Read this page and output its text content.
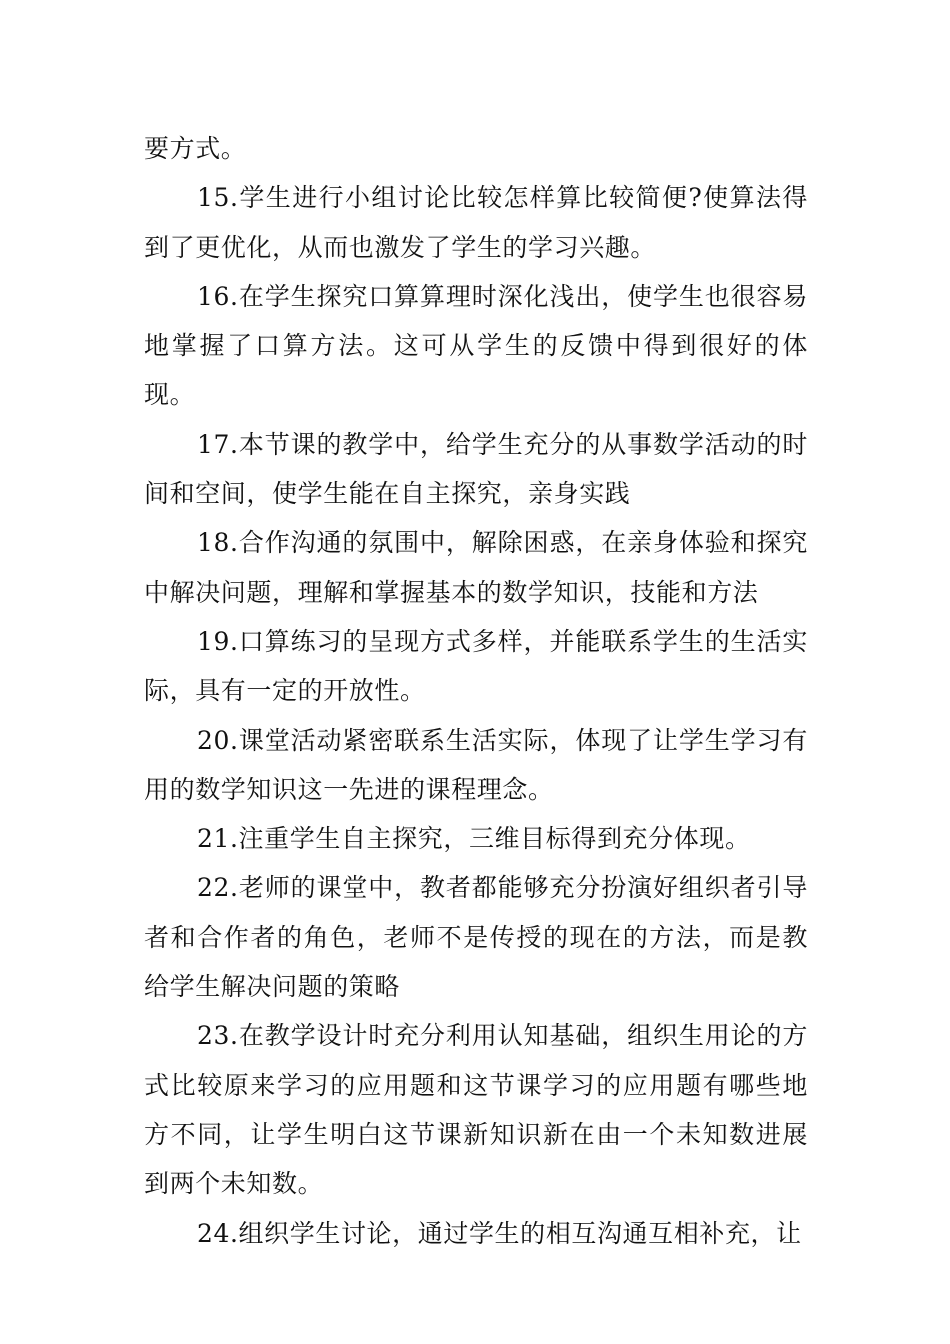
要方式。

15.学生进行小组讨论比较怎样算比较简便?使算法得到了更优化，从而也激发了学生的学习兴趣。

16.在学生探究口算算理时深化浅出，使学生也很容易地掌握了口算方法。这可从学生的反馈中得到很好的体现。

17.本节课的教学中，给学生充分的从事数学活动的时间和空间，使学生能在自主探究，亲身实践

18.合作沟通的氛围中，解除困惑，在亲身体验和探究中解决问题，理解和掌握基本的数学知识，技能和方法

19.口算练习的呈现方式多样，并能联系学生的生活实际，具有一定的开放性。

20.课堂活动紧密联系生活实际，体现了让学生学习有用的数学知识这一先进的课程理念。

21.注重学生自主探究，三维目标得到充分体现。

22.老师的课堂中，教者都能够充分扮演好组织者引导者和合作者的角色，老师不是传授的现在的方法，而是教给学生解决问题的策略

23.在教学设计时充分利用认知基础，组织生用论的方式比较原来学习的应用题和这节课学习的应用题有哪些地方不同，让学生明白这节课新知识新在由一个未知数进展到两个未知数。

24.组织学生讨论，通过学生的相互沟通互相补充，让
